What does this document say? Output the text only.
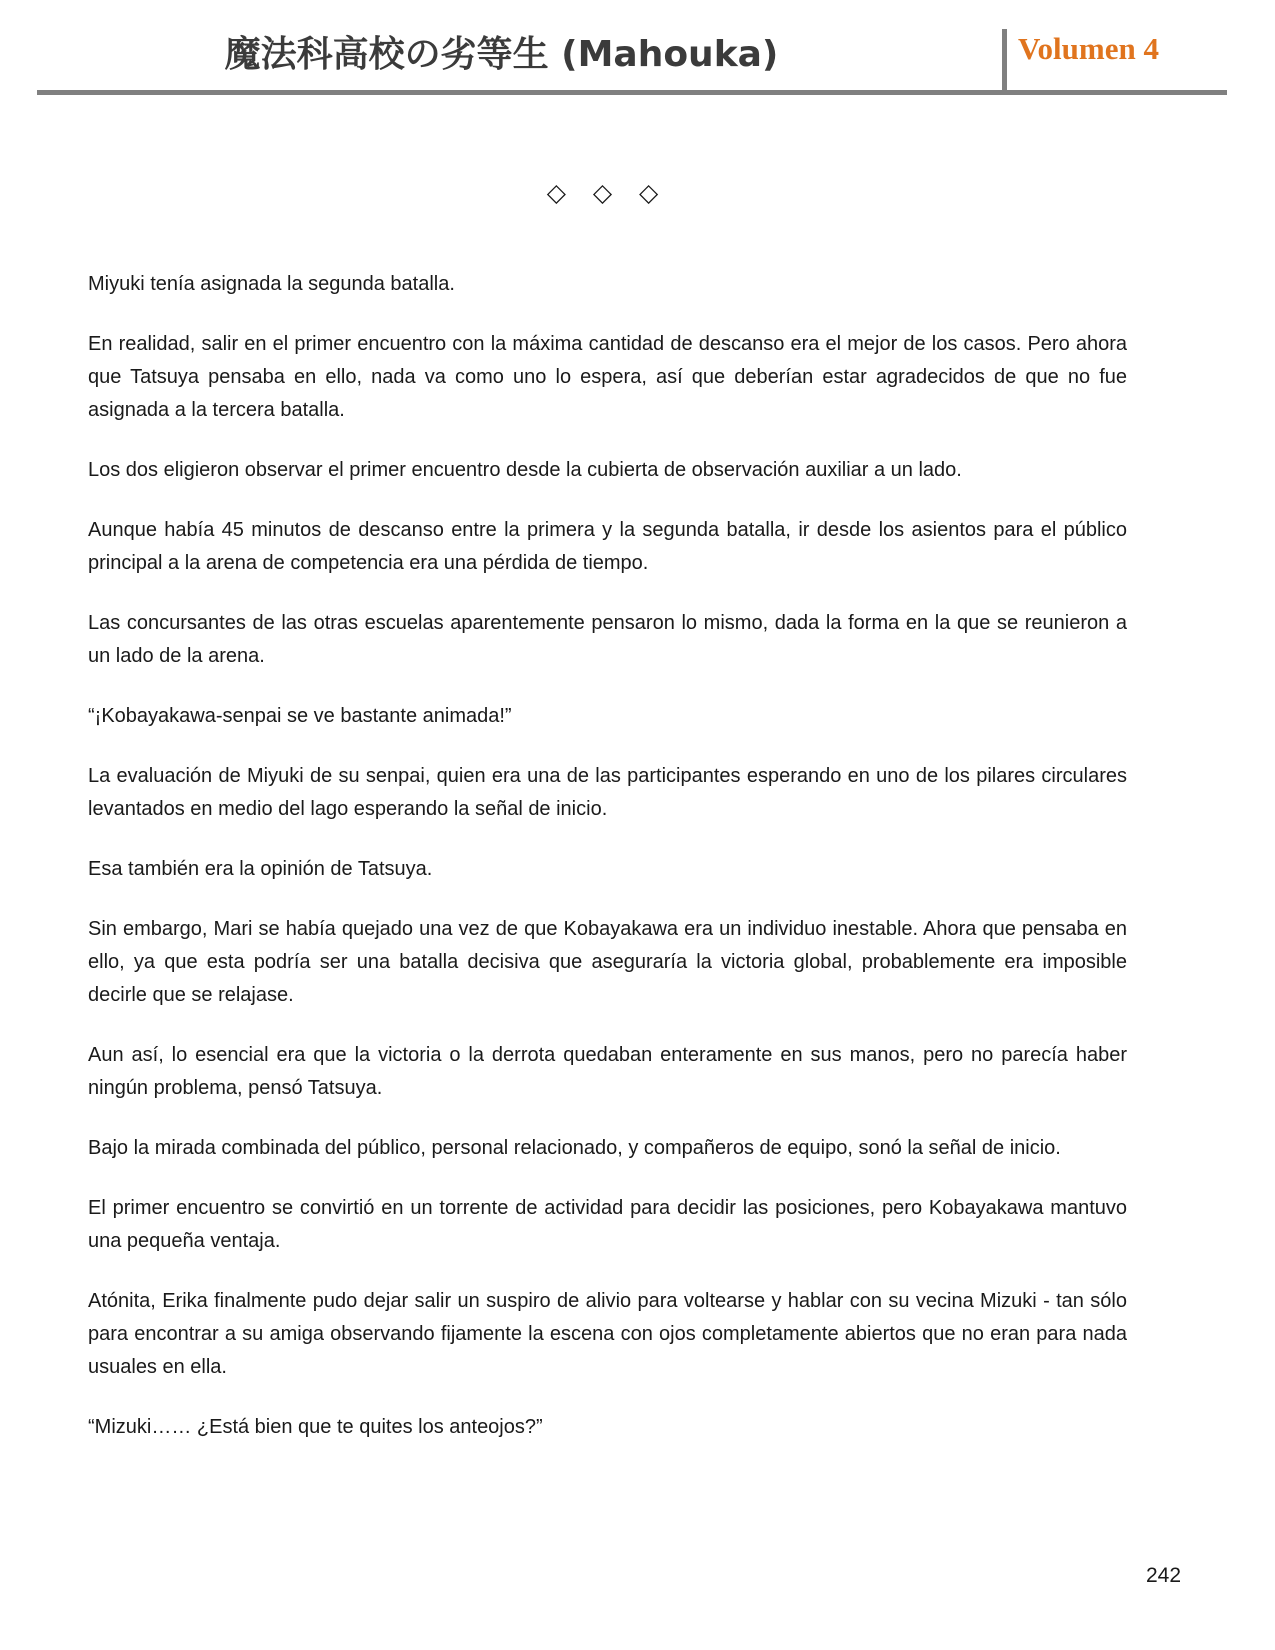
魔法科高校の劣等生 (Mahouka)	Volumen 4
◇ ◇ ◇

Miyuki tenía asignada la segunda batalla.

En realidad, salir en el primer encuentro con la máxima cantidad de descanso era el mejor de los casos. Pero ahora que Tatsuya pensaba en ello, nada va como uno lo espera, así que deberían estar agradecidos de que no fue asignada a la tercera batalla.

Los dos eligieron observar el primer encuentro desde la cubierta de observación auxiliar a un lado.

Aunque había 45 minutos de descanso entre la primera y la segunda batalla, ir desde los asientos para el público principal a la arena de competencia era una pérdida de tiempo.

Las concursantes de las otras escuelas aparentemente pensaron lo mismo, dada la forma en la que se reunieron a un lado de la arena.

“¡Kobayakawa-senpai se ve bastante animada!”

La evaluación de Miyuki de su senpai, quien era una de las participantes esperando en uno de los pilares circulares levantados en medio del lago esperando la señal de inicio.

Esa también era la opinión de Tatsuya.

Sin embargo, Mari se había quejado una vez de que Kobayakawa era un individuo inestable. Ahora que pensaba en ello, ya que esta podría ser una batalla decisiva que aseguraría la victoria global, probablemente era imposible decirle que se relajase.

Aun así, lo esencial era que la victoria o la derrota quedaban enteramente en sus manos, pero no parecía haber ningún problema, pensó Tatsuya.

Bajo la mirada combinada del público, personal relacionado, y compañeros de equipo, sonó la señal de inicio.

El primer encuentro se convirtió en un torrente de actividad para decidir las posiciones, pero Kobayakawa mantuvo una pequeña ventaja.

Atónita, Erika finalmente pudo dejar salir un suspiro de alivio para voltearse y hablar con su vecina Mizuki - tan sólo para encontrar a su amiga observando fijamente la escena con ojos completamente abiertos que no eran para nada usuales en ella.

“Mizuki…… ¿Está bien que te quites los anteojos?”

242
